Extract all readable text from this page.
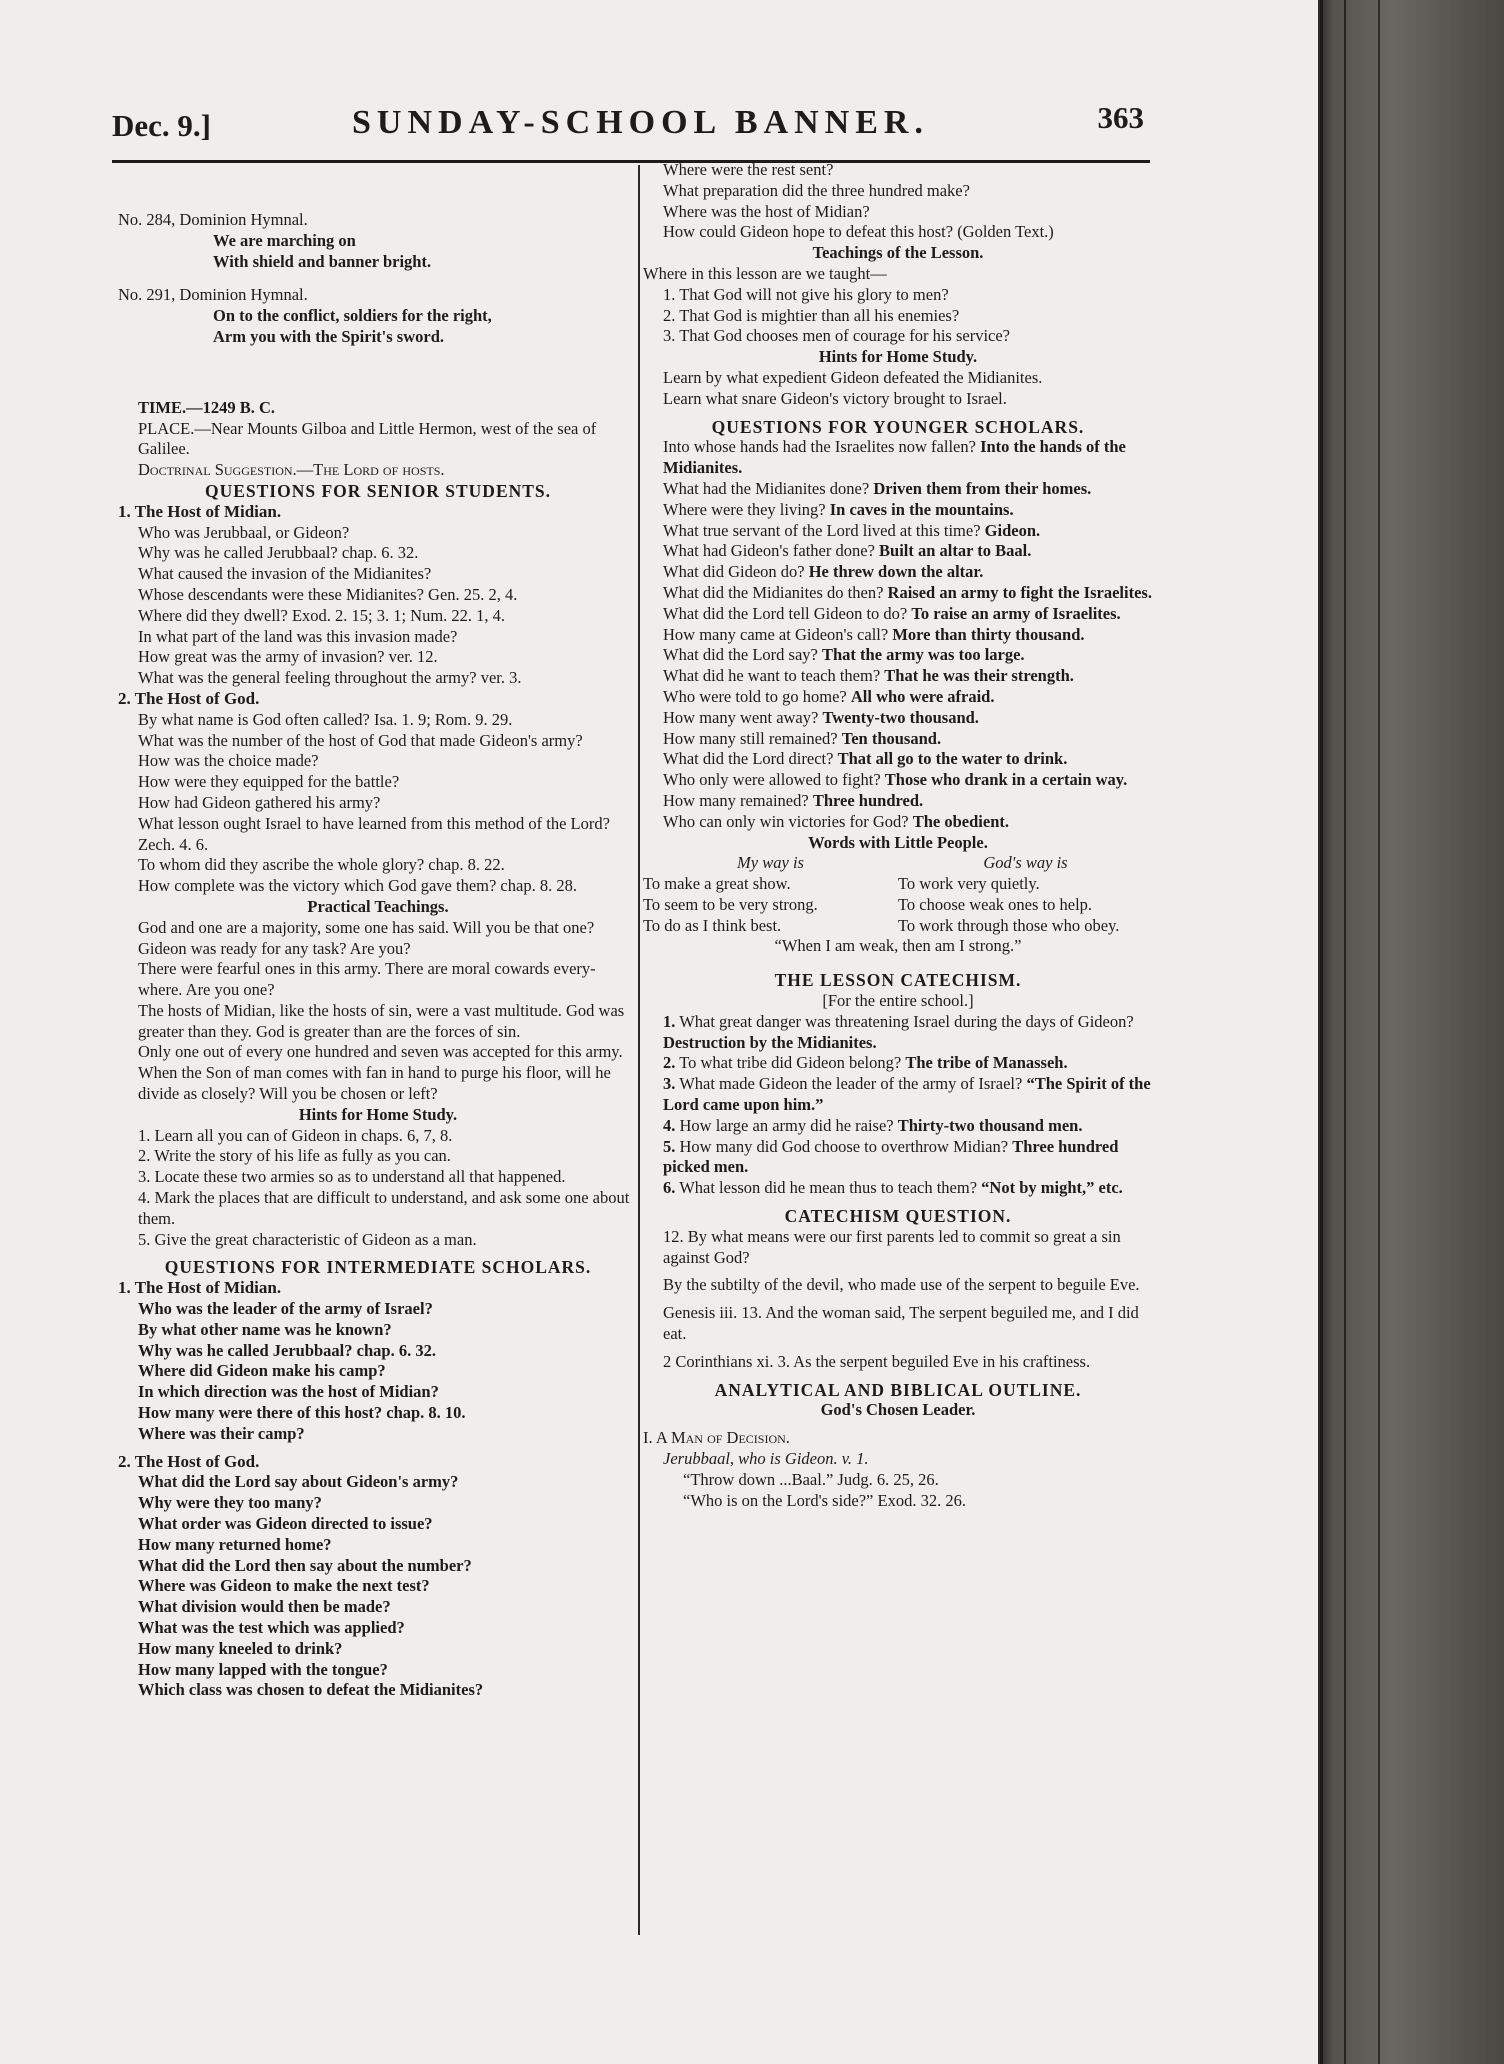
Dec. 9.]	SUNDAY-SCHOOL BANNER.	363

No. 284, Dominion Hymnal.

We are marching on

With shield and banner bright.

No. 291, Dominion Hymnal.

On to the conflict, soldiers for the right,

Arm you with the Spirit's sword.

TIME.—1249 B. C.

PLACE.—Near Mounts Gilboa and Little Hermon, west of the sea of Galilee.

Doctrinal Suggestion.—The Lord of hosts.

QUESTIONS FOR SENIOR STUDENTS.

1. The Host of Midian.

Who was Jerubbaal, or Gideon?

Why was he called Jerubbaal? chap. 6. 32.

What caused the invasion of the Midianites?

Whose descendants were these Midianites? Gen. 25. 2, 4.

Where did they dwell? Exod. 2. 15; 3. 1; Num. 22. 1, 4.

In what part of the land was this invasion made?

How great was the army of invasion? ver. 12.

What was the general feeling throughout the army? ver. 3.

2. The Host of God.

By what name is God often called? Isa. 1. 9; Rom. 9. 29.

What was the number of the host of God that made Gideon's army?

How was the choice made?

How were they equipped for the battle?

How had Gideon gathered his army?

What lesson ought Israel to have learned from this method of the Lord? Zech. 4. 6.

To whom did they ascribe the whole glory? chap. 8. 22.

How complete was the victory which God gave them? chap. 8. 28.

Practical Teachings.

God and one are a majority, some one has said. Will you be that one? Gideon was ready for any task? Are you?

There were fearful ones in this army. There are moral cowards every-where. Are you one?

The hosts of Midian, like the hosts of sin, were a vast multitude. God was greater than they. God is greater than are the forces of sin.

Only one out of every one hundred and seven was accepted for this army.

When the Son of man comes with fan in hand to purge his floor, will he divide as closely? Will you be chosen or left?

Hints for Home Study.

1. Learn all you can of Gideon in chaps. 6, 7, 8.

2. Write the story of his life as fully as you can.

3. Locate these two armies so as to understand all that happened.

4. Mark the places that are difficult to understand, and ask some one about them.

5. Give the great characteristic of Gideon as a man.

QUESTIONS FOR INTERMEDIATE SCHOLARS.

1. The Host of Midian.

Who was the leader of the army of Israel?

By what other name was he known?

Why was he called Jerubbaal? chap. 6. 32.

Where did Gideon make his camp?

In which direction was the host of Midian?

How many were there of this host? chap. 8. 10.

Where was their camp?

2. The Host of God.

What did the Lord say about Gideon's army?

Why were they too many?

What order was Gideon directed to issue?

How many returned home?

What did the Lord then say about the number?

Where was Gideon to make the next test?

What division would then be made?

What was the test which was applied?

How many kneeled to drink?

How many lapped with the tongue?

Which class was chosen to defeat the Midianites?

Where were the rest sent?

What preparation did the three hundred make?

Where was the host of Midian?

How could Gideon hope to defeat this host? (Golden Text.)

Teachings of the Lesson.

Where in this lesson are we taught—

1. That God will not give his glory to men?

2. That God is mightier than all his enemies?

3. That God chooses men of courage for his service?

Hints for Home Study.

Learn by what expedient Gideon defeated the Midianites.

Learn what snare Gideon's victory brought to Israel.

QUESTIONS FOR YOUNGER SCHOLARS.

Into whose hands had the Israelites now fallen? Into the hands of the Midianites.

What had the Midianites done? Driven them from their homes.

Where were they living? In caves in the mountains.

What true servant of the Lord lived at this time? Gideon.

What had Gideon's father done? Built an altar to Baal.

What did Gideon do? He threw down the altar.

What did the Midianites do then? Raised an army to fight the Israelites.

What did the Lord tell Gideon to do? To raise an army of Israelites.

How many came at Gideon's call? More than thirty thousand.

What did the Lord say? That the army was too large.

What did he want to teach them? That he was their strength.

Who were told to go home? All who were afraid.

How many went away? Twenty-two thousand.

How many still remained? Ten thousand.

What did the Lord direct? That all go to the water to drink.

Who only were allowed to fight? Those who drank in a certain way.

How many remained? Three hundred.

Who can only win victories for God? The obedient.

Words with Little People.

My way is

To make a great show.

To seem to be very strong.

To do as I think best.

God's way is

To work very quietly.

To choose weak ones to help.

To work through those who obey.

“When I am weak, then am I strong.”

THE LESSON CATECHISM.

[For the entire school.]

1. What great danger was threatening Israel during the days of Gideon? Destruction by the Midianites.

2. To what tribe did Gideon belong? The tribe of Manasseh.

3. What made Gideon the leader of the army of Israel? “The Spirit of the Lord came upon him.”

4. How large an army did he raise? Thirty-two thousand men.

5. How many did God choose to overthrow Midian? Three hundred picked men.

6. What lesson did he mean thus to teach them? “Not by might,” etc.

CATECHISM QUESTION.

12. By what means were our first parents led to commit so great a sin against God?

By the subtilty of the devil, who made use of the serpent to beguile Eve.

Genesis iii. 13. And the woman said, The serpent beguiled me, and I did eat.

2 Corinthians xi. 3. As the serpent beguiled Eve in his craftiness.

ANALYTICAL AND BIBLICAL OUTLINE.

God's Chosen Leader.

I. A Man of Decision.

Jerubbaal, who is Gideon. v. 1.

“Throw down ...Baal.” Judg. 6. 25, 26.

“Who is on the Lord's side?” Exod. 32. 26.
